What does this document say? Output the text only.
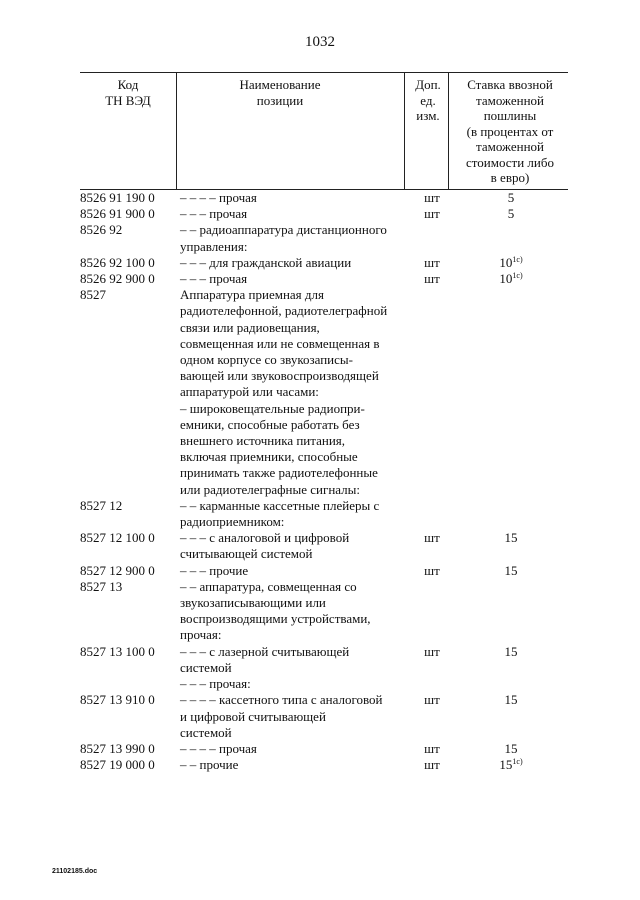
1032
Код
ТН ВЭД
Наименование
позиции
Доп.
ед.
изм.
Ставка ввозной
таможенной
пошлины
(в процентах от
таможенной
стоимости либо
в евро)
8526 91 190 0	– – – – прочая	шт	5
8526 91 900 0	– – – прочая	шт	5
8526 92	– – радиоаппаратура дистанционного
управления:
8526 92 100 0	– – – для гражданской авиации	шт	$10^{1с)}$
8526 92 900 0	– – – прочая	шт	$10^{1с)}$
8527	Аппаратура приемная для
радиотелефонной, радиотелеграфной
связи или радиовещания,
совмещенная или не совмещенная в
одном корпусе со звукозаписы-
вающей или звуковоспроизводящей
аппаратурой или часами:
– широковещательные радиопри-
емники, способные работать без
внешнего источника питания,
включая приемники, способные
принимать также радиотелефонные
или радиотелеграфные сигналы:
8527 12	– – карманные кассетные плейеры с
радиоприемником:
8527 12 100 0	– – – с аналоговой и цифровой
считывающей системой
шт	15
8527 12 900 0	– – – прочие	шт	15
8527 13	– – аппаратура, совмещенная со
звукозаписывающими или
воспроизводящими устройствами,
прочая:
8527 13 100 0	– – – с лазерной считывающей
системой
шт	15
– – – прочая:
8527 13 910 0	– – – – кассетного типа с аналоговой
и цифровой считывающей
системой
шт	15
8527 13 990 0	– – – – прочая	шт	15
8527 19 000 0	– – прочие	шт	$15^{1с)}$
21102185.doc
